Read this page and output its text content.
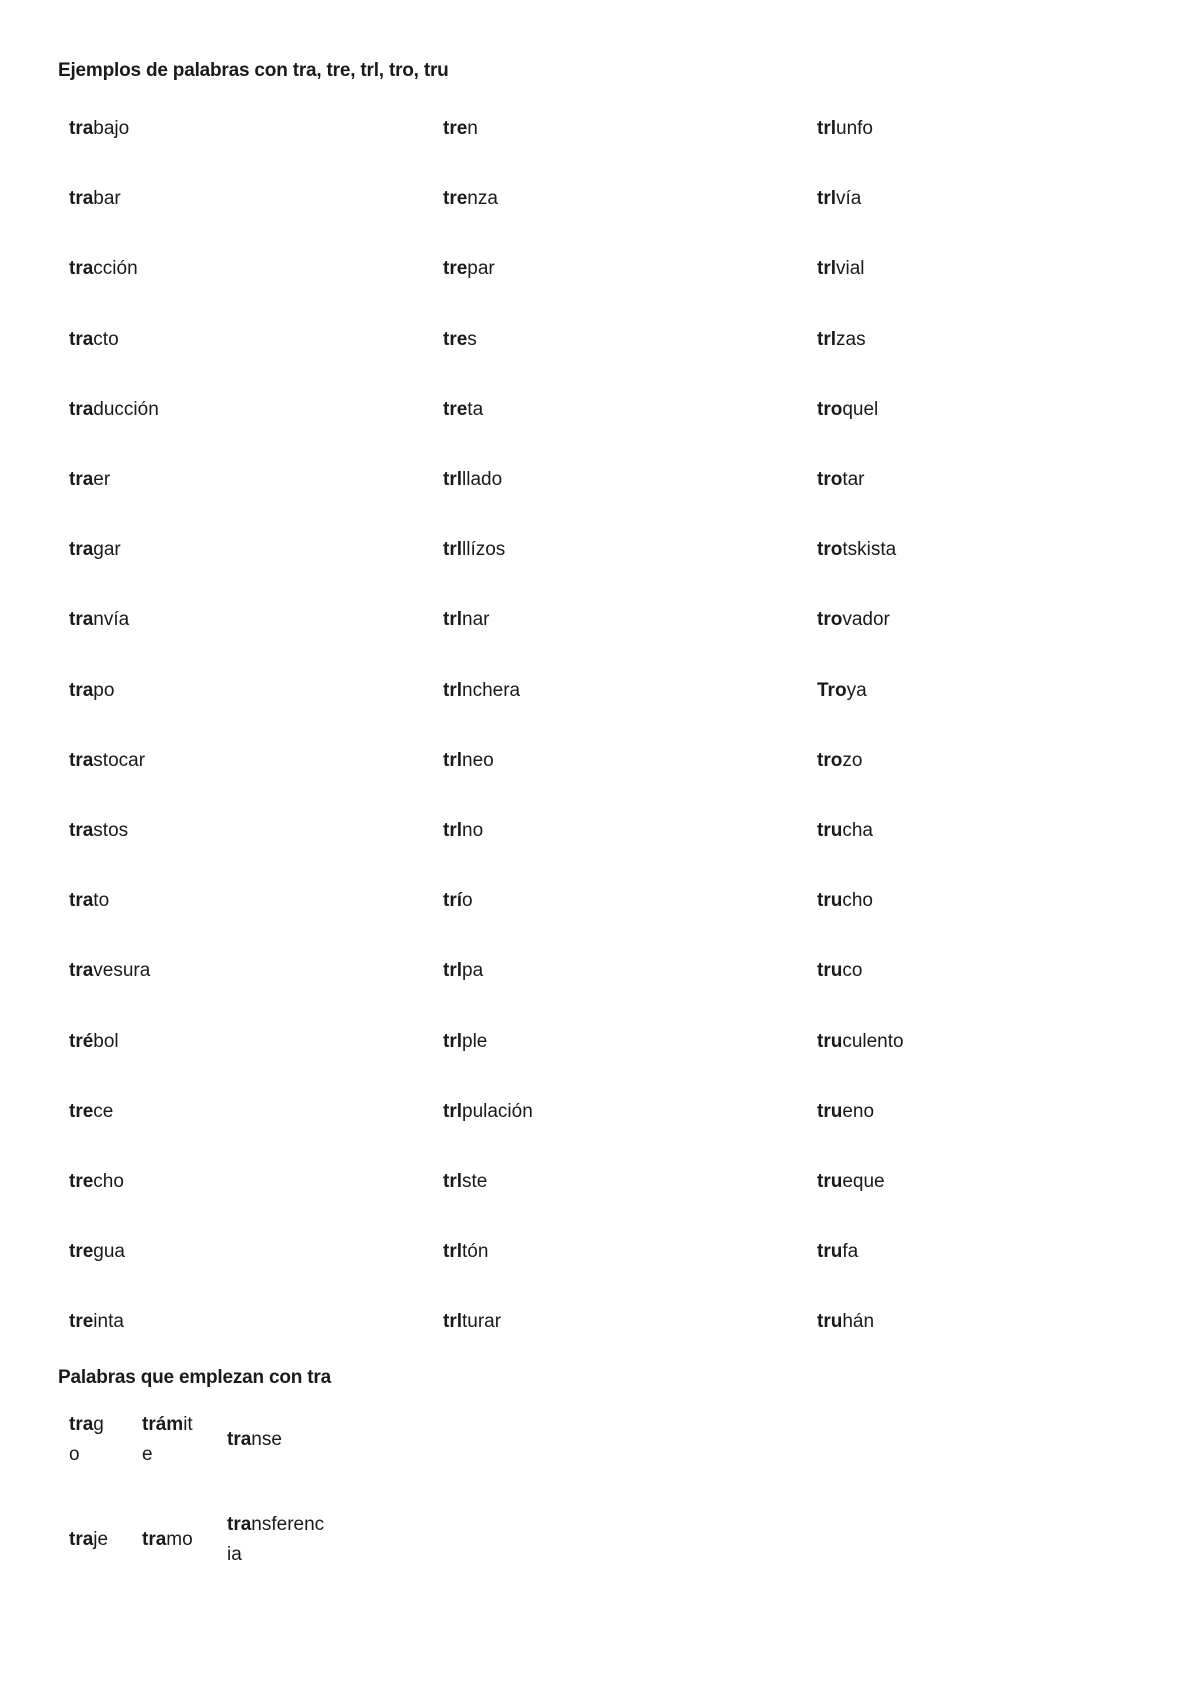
Ejemplos de palabras con tra, tre, trl, tro, tru
trabajo
trabar
tracción
tracto
traducción
traer
tragar
tranvía
trapo
trastocar
trastos
trato
travesura
trébol
trece
trecho
tregua
treinta
tren
trenza
trepar
tres
treta
trlllado
trlllízos
trlnar
trlnchera
trlneo
trlno
trío
trlpa
trlple
trlpulación
trlste
trltón
trlturar
trlunfo
trlvía
trlvial
trlzas
troquel
trotar
trotskista
trovador
Troya
trozo
trucha
trucho
truco
truculento
trueno
trueque
trufa
truhán
Palabras que emplezan con tra
trag
o
trámit
e
transe
traje tramo
transferenc
ia
